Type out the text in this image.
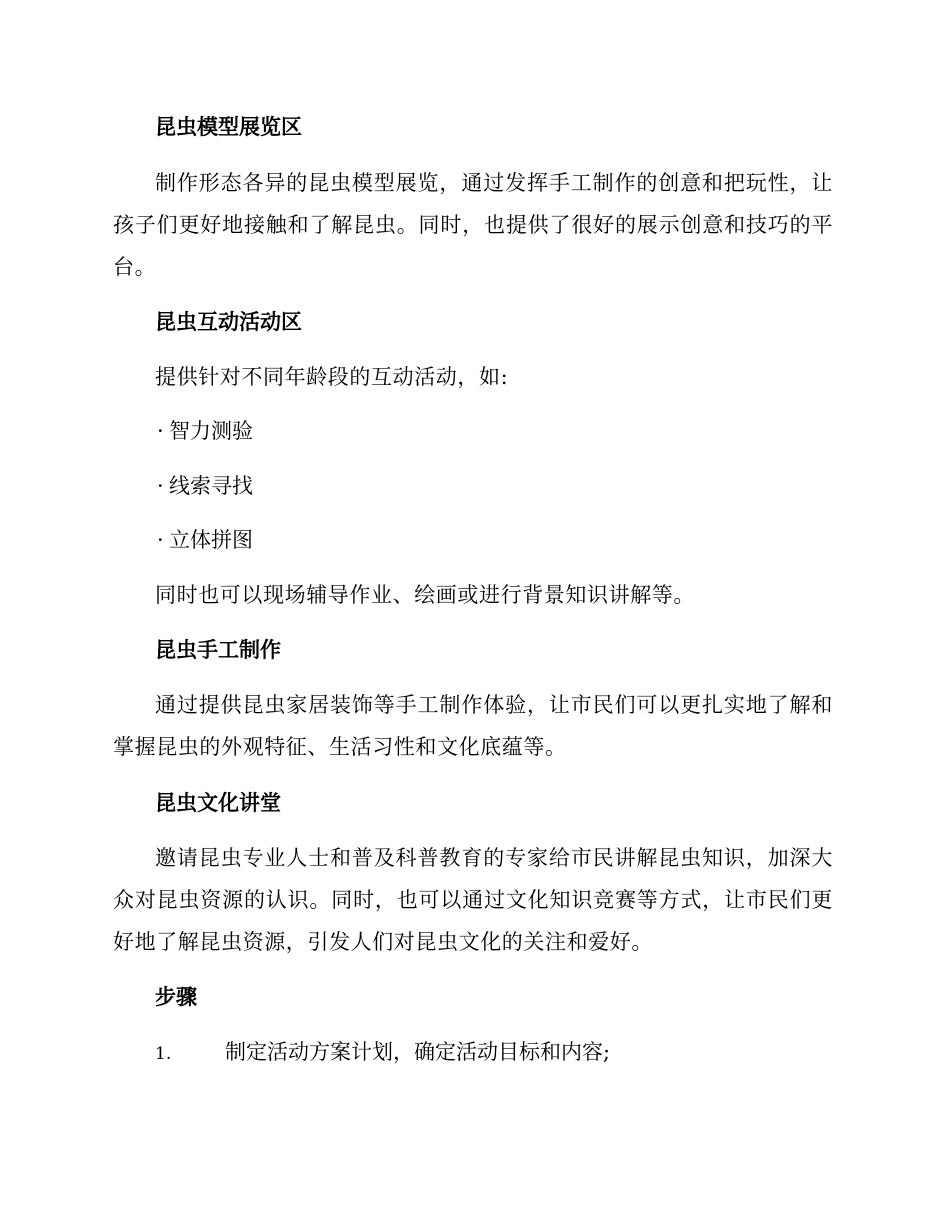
昆虫模型展览区

制作形态各异的昆虫模型展览，通过发挥手工制作的创意和把玩性，让孩子们更好地接触和了解昆虫。同时，也提供了很好的展示创意和技巧的平台。

昆虫互动活动区

提供针对不同年龄段的互动活动，如:

· 智力测验

· 线索寻找

· 立体拼图

同时也可以现场辅导作业、绘画或进行背景知识讲解等。

昆虫手工制作

通过提供昆虫家居装饰等手工制作体验，让市民们可以更扎实地了解和掌握昆虫的外观特征、生活习性和文化底蕴等。

昆虫文化讲堂

邀请昆虫专业人士和普及科普教育的专家给市民讲解昆虫知识，加深大众对昆虫资源的认识。同时，也可以通过文化知识竞赛等方式，让市民们更好地了解昆虫资源，引发人们对昆虫文化的关注和爱好。

步骤

1.	制定活动方案计划，确定活动目标和内容;
